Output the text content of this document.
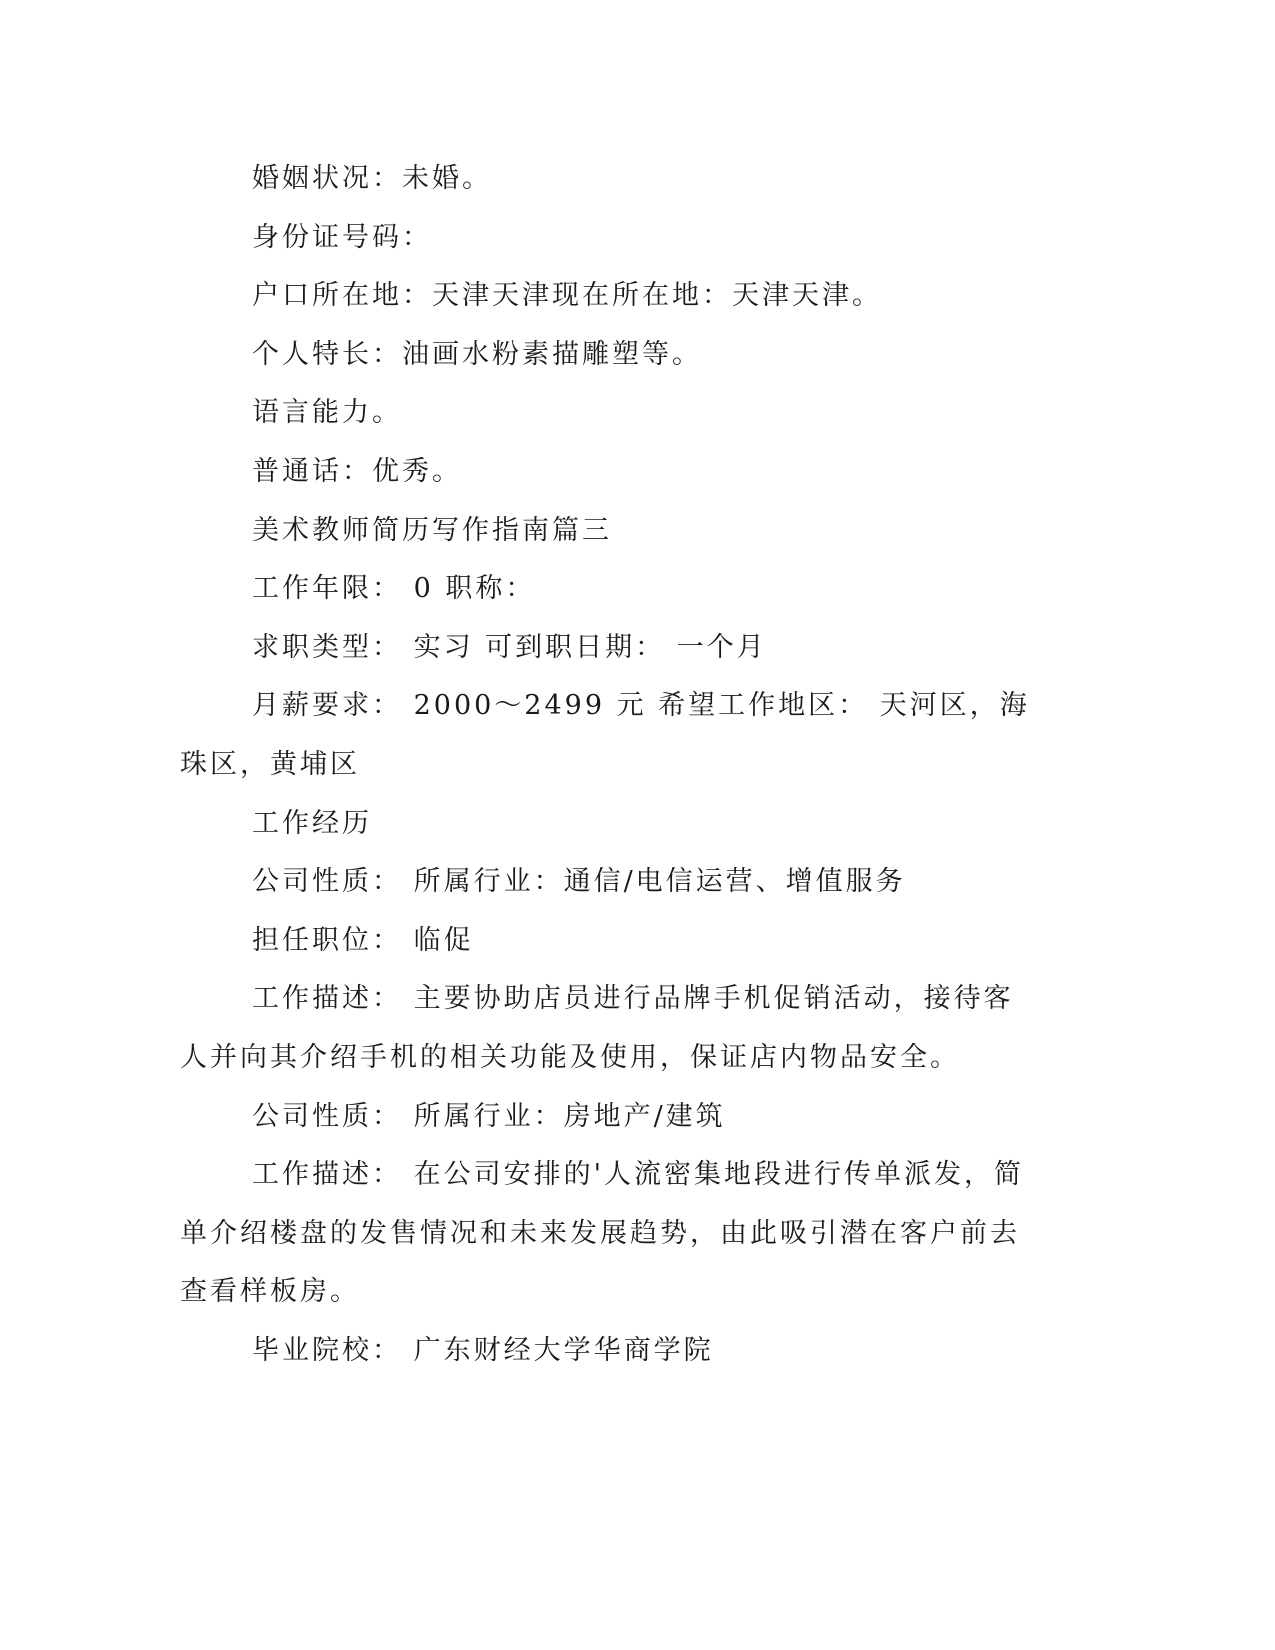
婚姻状况：未婚。

身份证号码：

户口所在地：天津天津现在所在地：天津天津。

个人特长：油画水粉素描雕塑等。

语言能力。

普通话：优秀。

美术教师简历写作指南篇三

工作年限： 0 职称：

求职类型： 实习 可到职日期： 一个月

月薪要求： 2000～2499 元 希望工作地区： 天河区，海珠区，黄埔区

工作经历

公司性质： 所属行业：通信/电信运营、增值服务

担任职位： 临促

工作描述： 主要协助店员进行品牌手机促销活动，接待客人并向其介绍手机的相关功能及使用，保证店内物品安全。

公司性质： 所属行业：房地产/建筑

工作描述： 在公司安排的'人流密集地段进行传单派发，简单介绍楼盘的发售情况和未来发展趋势，由此吸引潜在客户前去查看样板房。

毕业院校： 广东财经大学华商学院
